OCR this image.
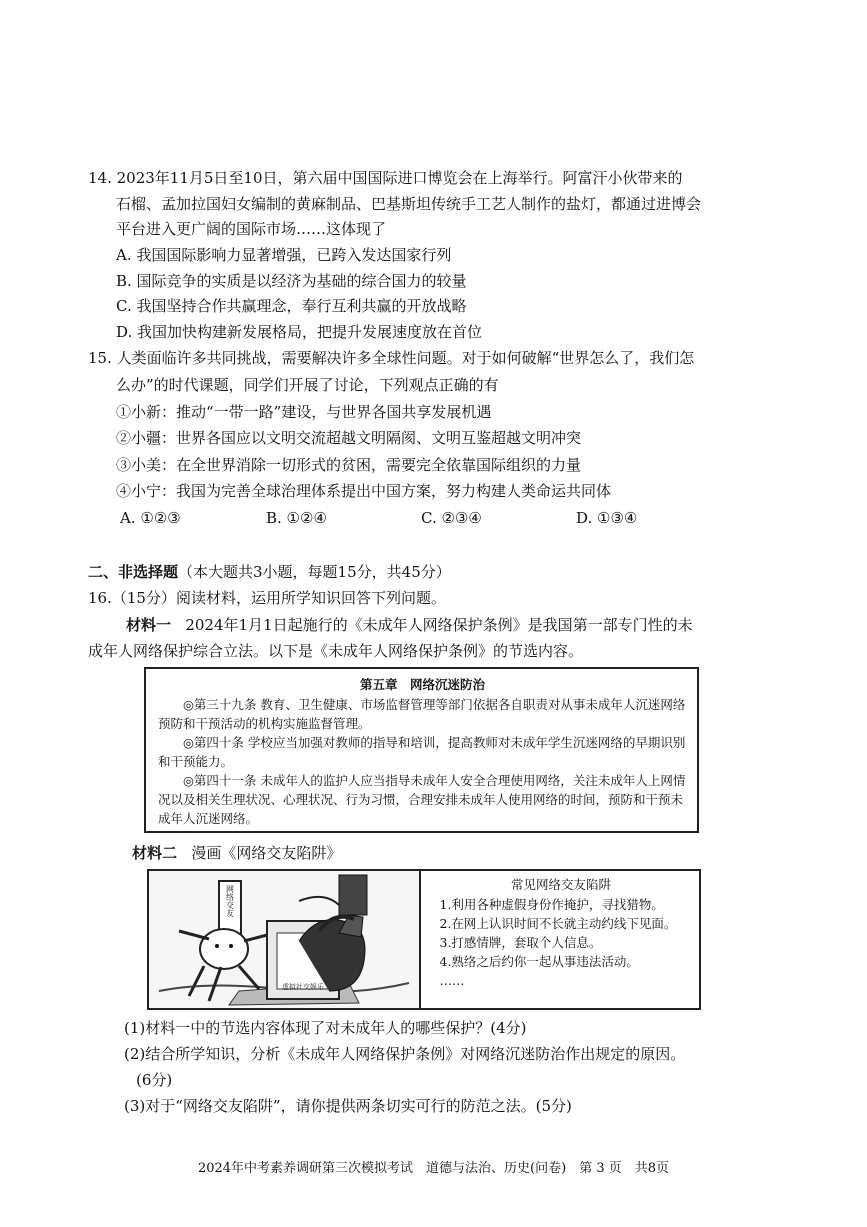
14. 2023年11月5日至10日，第六届中国国际进口博览会在上海举行。阿富汗小伙带来的
石榴、孟加拉国妇女编制的黄麻制品、巴基斯坦传统手工艺人制作的盐灯，都通过进博会
平台进入更广阔的国际市场……这体现了
A. 我国国际影响力显著增强，已跨入发达国家行列
B. 国际竞争的实质是以经济为基础的综合国力的较量
C. 我国坚持合作共赢理念，奉行互利共赢的开放战略
D. 我国加快构建新发展格局，把提升发展速度放在首位
15. 人类面临许多共同挑战，需要解决许多全球性问题。对于如何破解“世界怎么了，我们怎
么办”的时代课题，同学们开展了讨论，下列观点正确的有
①小新：推动“一带一路”建设，与世界各国共享发展机遇
②小疆：世界各国应以文明交流超越文明隔阂、文明互鉴超越文明冲突
③小美：在全世界消除一切形式的贫困，需要完全依靠国际组织的力量
④小宁：我国为完善全球治理体系提出中国方案，努力构建人类命运共同体
A. ①②③	B. ①②④	C. ②③④	D. ①③④
二、非选择题（本大题共3小题，每题15分，共45分）
16.（15分）阅读材料，运用所学知识回答下列问题。
材料一 2024年1月1日起施行的《未成年人网络保护条例》是我国第一部专门性的未
成年人网络保护综合立法。以下是《未成年人网络保护条例》的节选内容。
第五章　网络沉迷防治

◎第三十九条 教育、卫生健康、市场监督管理等部门依据各自职责对从事未成年人沉迷网络预防和干预活动的机构实施监督管理。

◎第四十条 学校应当加强对教师的指导和培训，提高教师对未成年学生沉迷网络的早期识别和干预能力。

◎第四十一条 未成年人的监护人应当指导未成年人安全合理使用网络，关注未成年人上网情况以及相关生理状况、心理状况、行为习惯，合理安排未成年人使用网络的时间，预防和干预未成年人沉迷网络。

材料二 漫画《网络交友陷阱》
虚拟社交娱乐
网络交友
常见网络交友陷阱
1.利用各种虚假身份作掩护，寻找猎物。
2.在网上认识时间不长就主动约线下见面。
3.打感情牌，套取个人信息。
4.熟络之后约你一起从事违法活动。
……
(1)材料一中的节选内容体现了对未成年人的哪些保护？(4分)
(2)结合所学知识，分析《未成年人网络保护条例》对网络沉迷防治作出规定的原因。
(6分)
(3)对于“网络交友陷阱”，请你提供两条切实可行的防范之法。(5分)
2024年中考素养调研第三次模拟考试　道德与法治、历史(问卷)　第 3 页　共8页
